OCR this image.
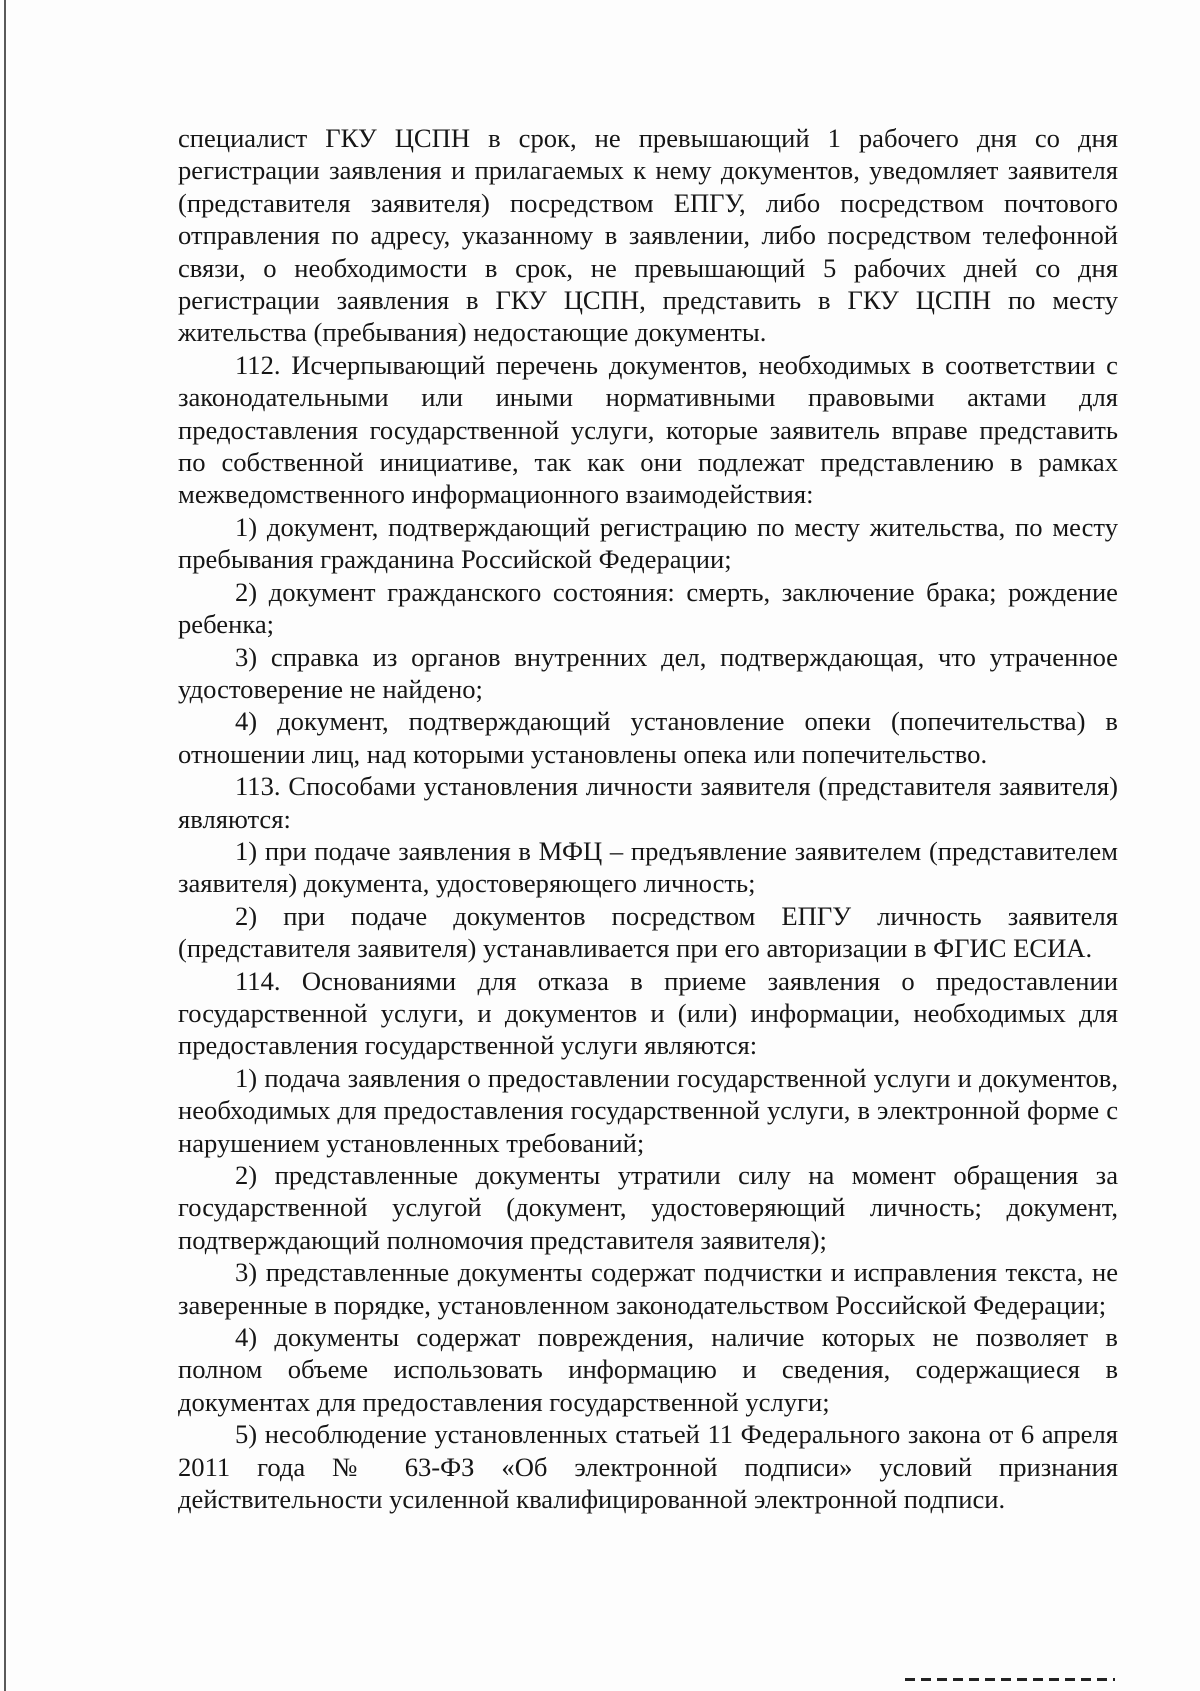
специалист ГКУ ЦСПН в срок, не превышающий 1 рабочего дня со дня регистрации заявления и прилагаемых к нему документов, уведомляет заявителя (представителя заявителя) посредством ЕПГУ, либо посредством почтового отправления по адресу, указанному в заявлении, либо посредством телефонной связи, о необходимости в срок, не превышающий 5 рабочих дней со дня регистрации заявления в ГКУ ЦСПН, представить в ГКУ ЦСПН по месту жительства (пребывания) недостающие документы.

112. Исчерпывающий перечень документов, необходимых в соответствии с законодательными или иными нормативными правовыми актами для предоставления государственной услуги, которые заявитель вправе представить по собственной инициативе, так как они подлежат представлению в рамках межведомственного информационного взаимодействия:

1) документ, подтверждающий регистрацию по месту жительства, по месту пребывания гражданина Российской Федерации;

2) документ гражданского состояния: смерть, заключение брака; рождение ребенка;

3) справка из органов внутренних дел, подтверждающая, что утраченное удостоверение не найдено;

4) документ, подтверждающий установление опеки (попечительства) в отношении лиц, над которыми установлены опека или попечительство.

113. Способами установления личности заявителя (представителя заявителя) являются:

1) при подаче заявления в МФЦ – предъявление заявителем (представителем заявителя) документа, удостоверяющего личность;

2) при подаче документов посредством ЕПГУ личность заявителя (представителя заявителя) устанавливается при его авторизации в ФГИС ЕСИА.

114. Основаниями для отказа в приеме заявления о предоставлении государственной услуги, и документов и (или) информации, необходимых для предоставления государственной услуги являются:

1) подача заявления о предоставлении государственной услуги и документов, необходимых для предоставления государственной услуги, в электронной форме с нарушением установленных требований;

2) представленные документы утратили силу на момент обращения за государственной услугой (документ, удостоверяющий личность; документ, подтверждающий полномочия представителя заявителя);

3) представленные документы содержат подчистки и исправления текста, не заверенные в порядке, установленном законодательством Российской Федерации;

4) документы содержат повреждения, наличие которых не позволяет в полном объеме использовать информацию и сведения, содержащиеся в документах для предоставления государственной услуги;

5) несоблюдение установленных статьей 11 Федерального закона от 6 апреля 2011 года № 63-ФЗ «Об электронной подписи» условий признания действительности усиленной квалифицированной электронной подписи.
